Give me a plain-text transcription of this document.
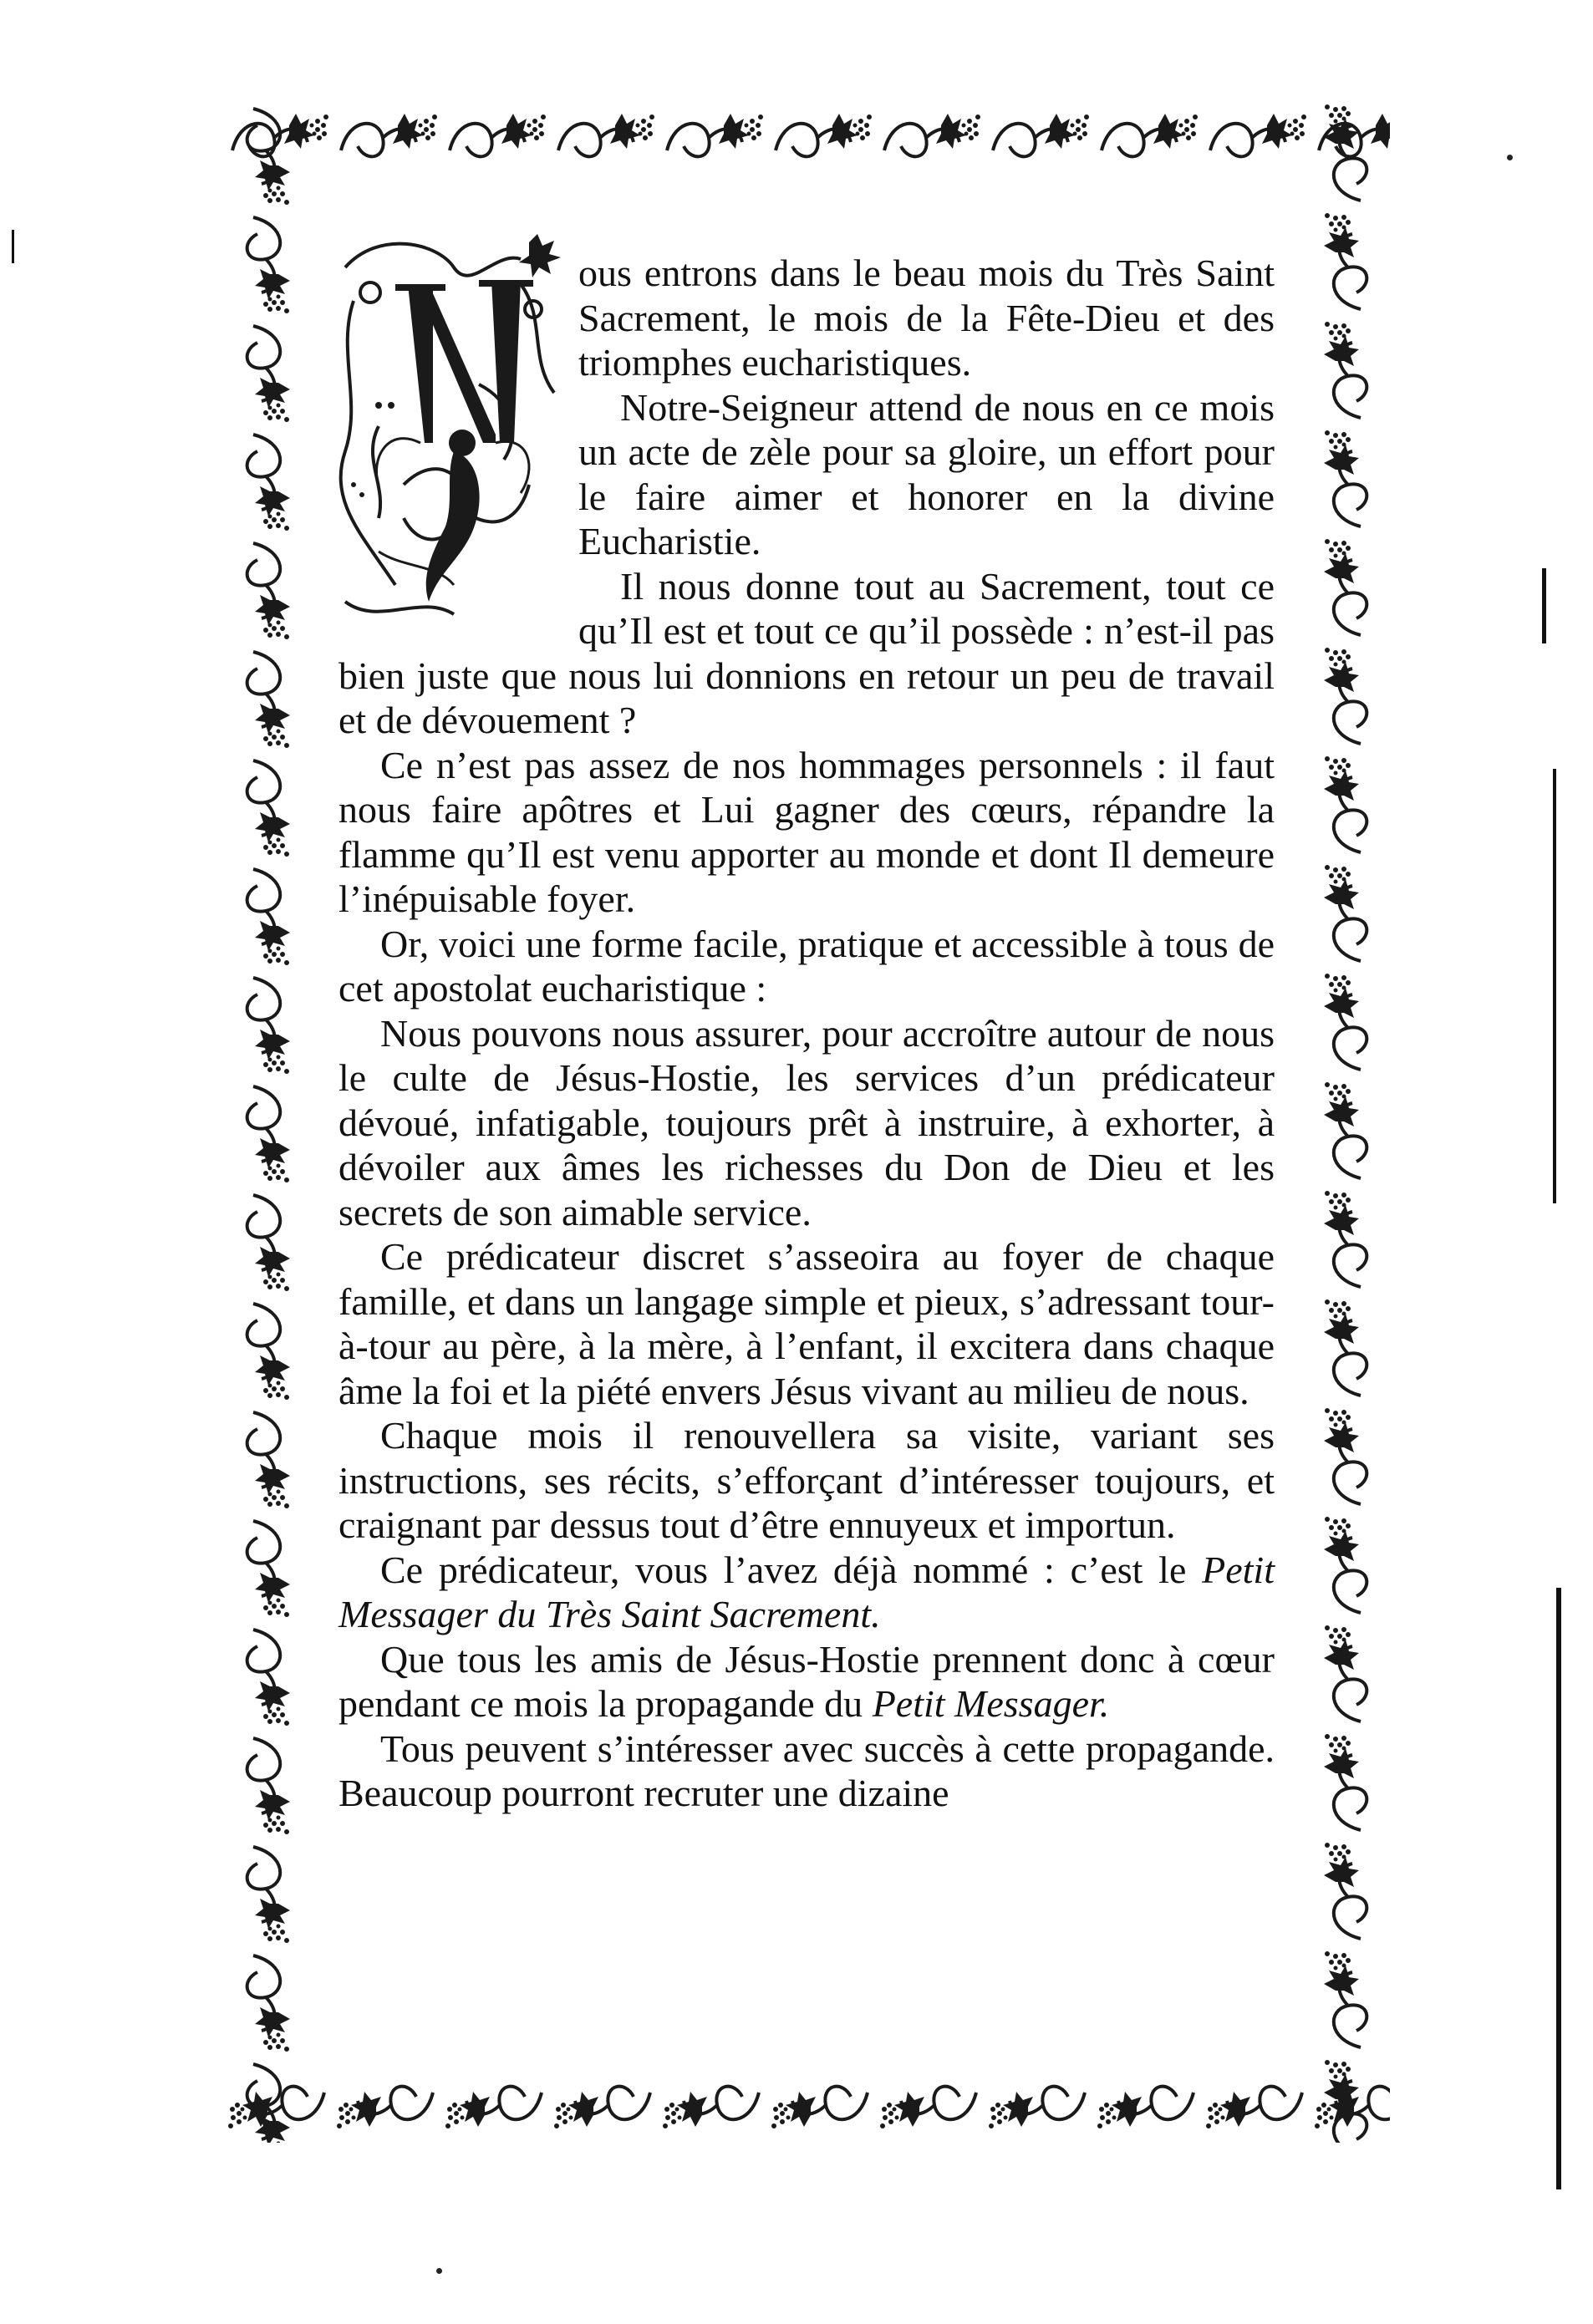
ous entrons dans le beau mois du Très Saint Sacrement, le mois de la Fête-Dieu et des triomphes eucharistiques.

Notre-Seigneur attend de nous en ce mois un acte de zèle pour sa gloire, un effort pour le faire aimer et honorer en la divine Eucharistie.

Il nous donne tout au Sacrement, tout ce qu’Il est et tout ce qu’il possède : n’est-il pas bien juste que nous lui donnions en retour un peu de travail et de dévouement ?

Ce n’est pas assez de nos hommages personnels : il faut nous faire apôtres et Lui gagner des cœurs, répandre la flamme qu’Il est venu apporter au monde et dont Il demeure l’inépuisable foyer.

Or, voici une forme facile, pratique et accessible à tous de cet apostolat eucharistique :

Nous pouvons nous assurer, pour accroître autour de nous le culte de Jésus-Hostie, les services d’un prédicateur dévoué, infatigable, toujours prêt à instruire, à exhorter, à dévoiler aux âmes les richesses du Don de Dieu et les secrets de son aimable service.

Ce prédicateur discret s’asseoira au foyer de chaque famille, et dans un langage simple et pieux, s’adressant tour-à-tour au père, à la mère, à l’enfant, il excitera dans chaque âme la foi et la piété envers Jésus vivant au milieu de nous.

Chaque mois il renouvellera sa visite, variant ses instructions, ses récits, s’efforçant d’intéresser toujours, et craignant par dessus tout d’être ennuyeux et importun.

Ce prédicateur, vous l’avez déjà nommé : c’est le Petit Messager du Très Saint Sacrement.

Que tous les amis de Jésus-Hostie prennent donc à cœur pendant ce mois la propagande du Petit Messager.

Tous peuvent s’intéresser avec succès à cette propagande. Beaucoup pourront recruter une dizaine
